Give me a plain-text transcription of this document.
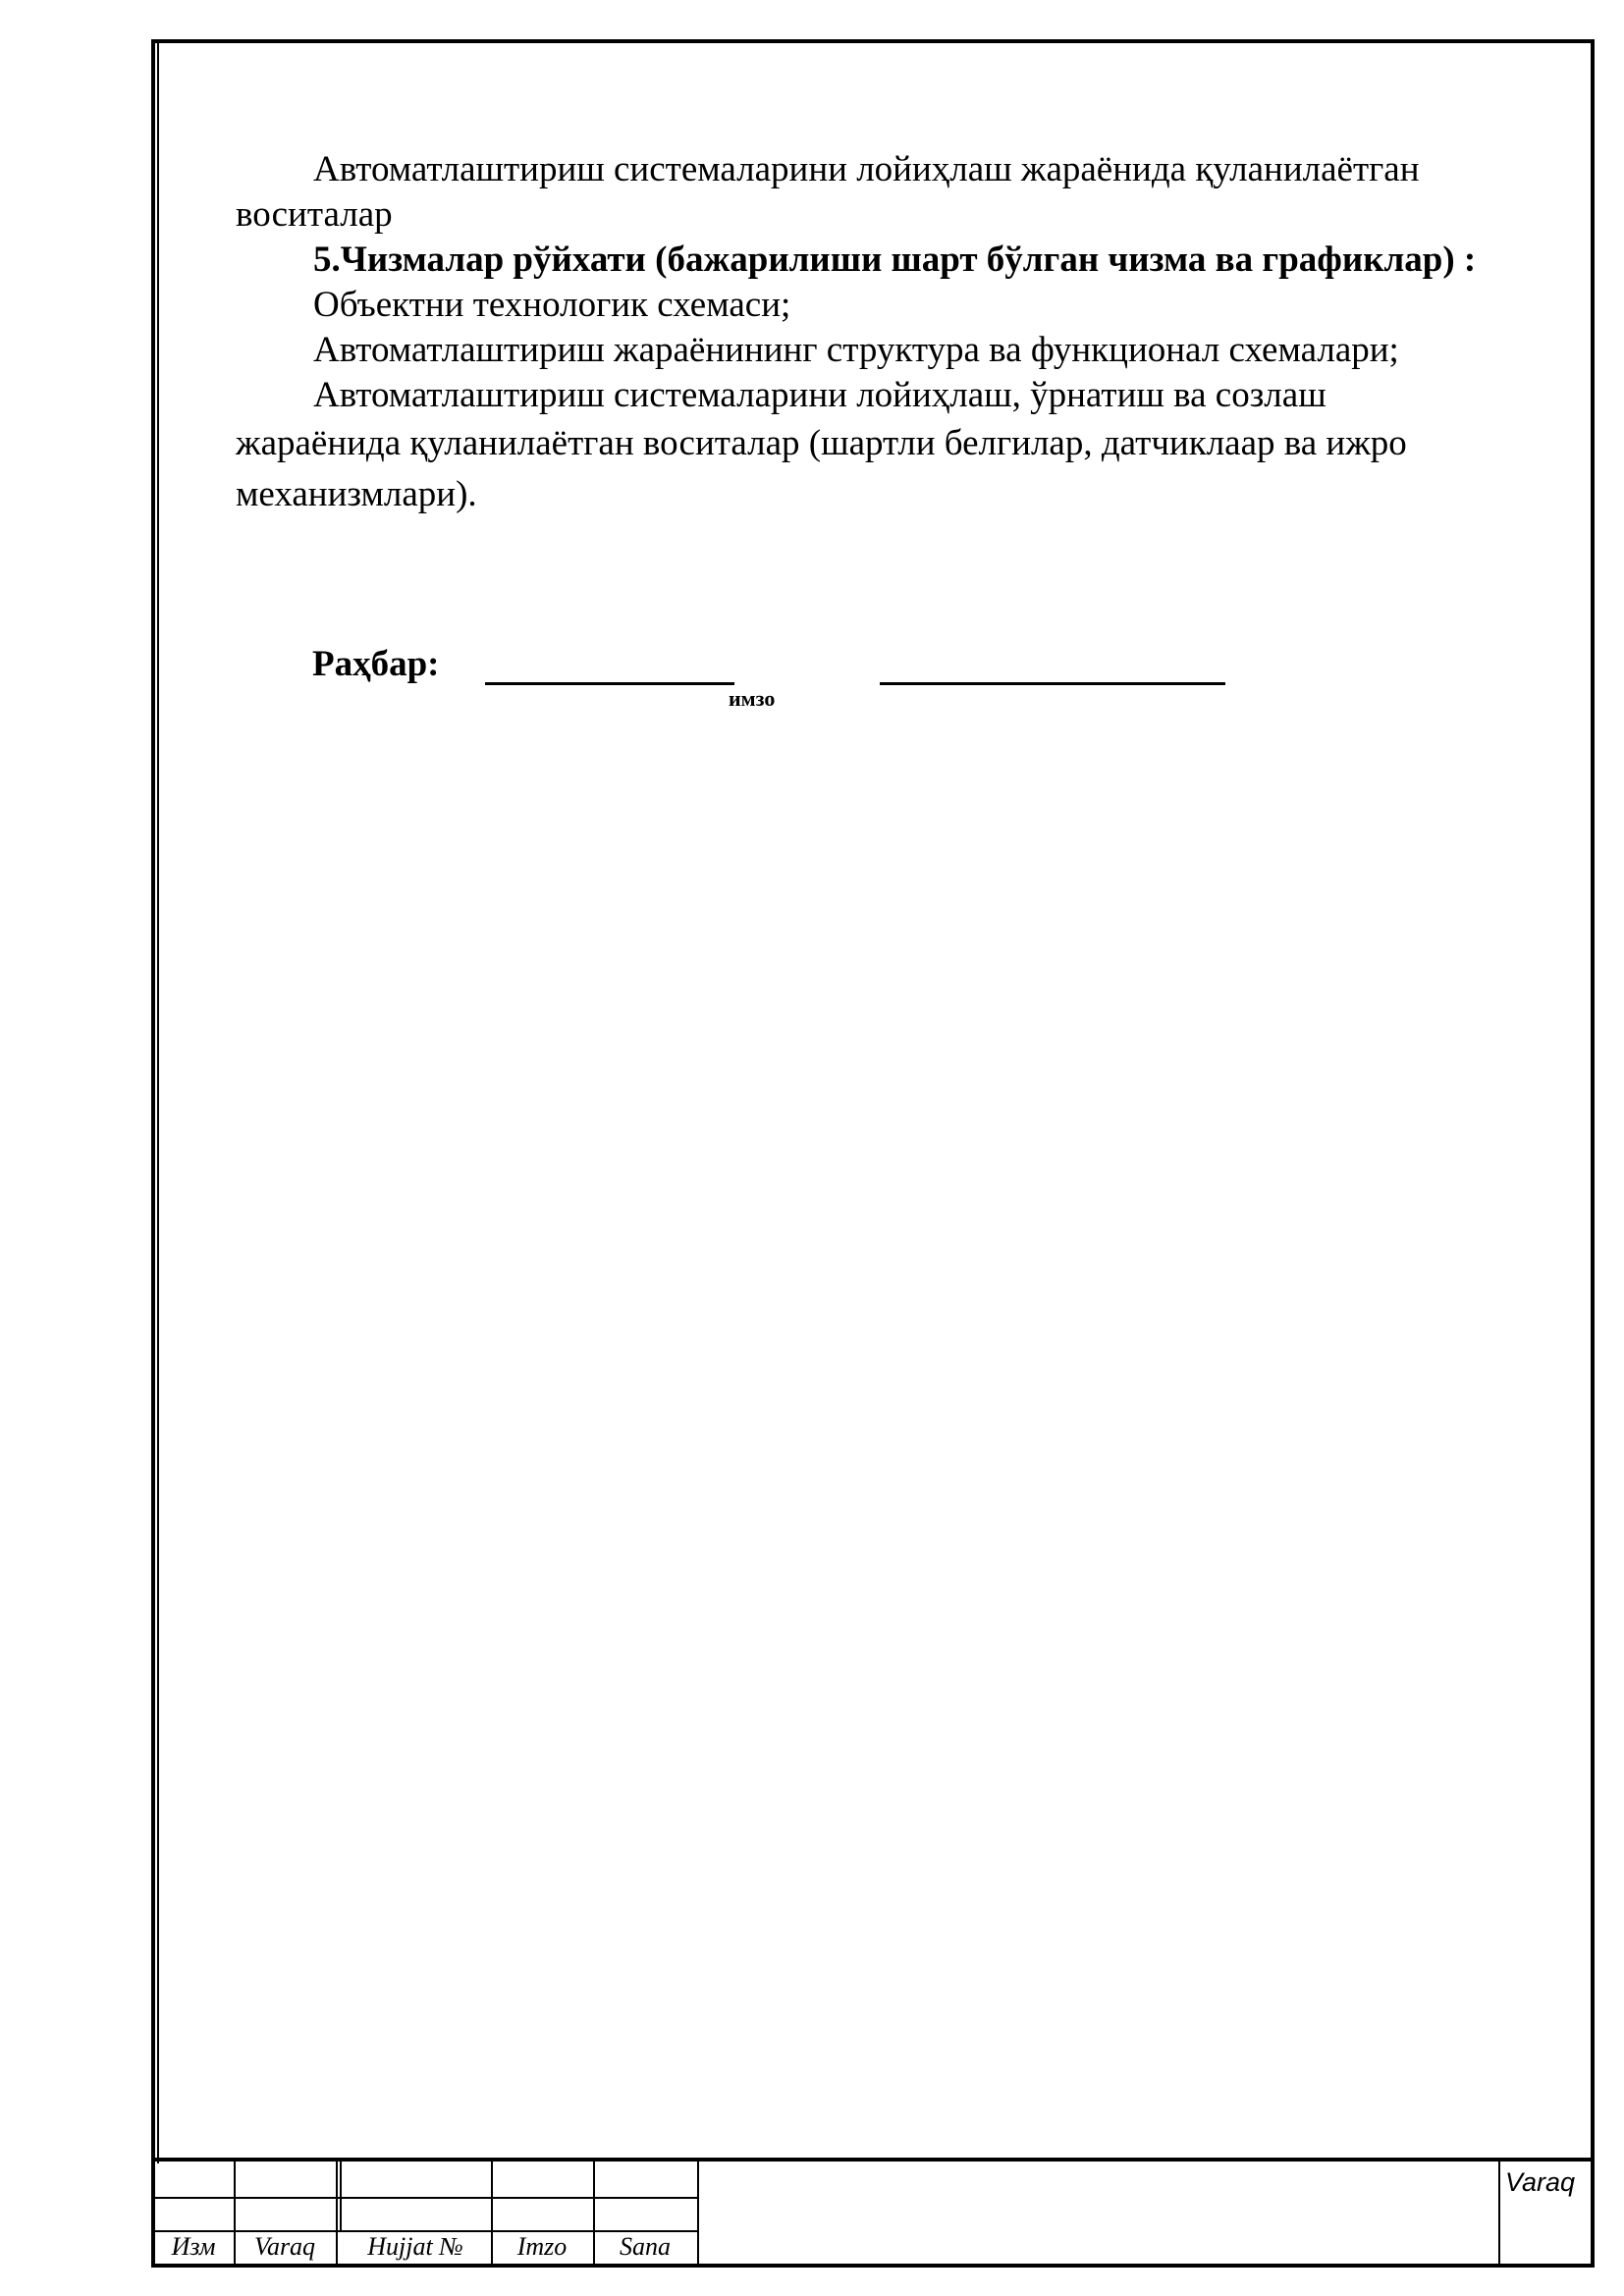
Автоматлаштириш системаларини лойиҳлаш жараёнида қуланилаётган воситалар

5.Чизмалар рўйхати (бажарилиши шарт бўлган чизма ва графиклар) :

Объектни технологик схемаси;

Автоматлаштириш жараёнининг структура ва функционал схемалари;

Автоматлаштириш системаларини лойиҳлаш, ўрнатиш ва созлаш

жараёнида қуланилаётган воситалар (шартли белгилар, датчиклаар ва ижро механизмлари).

Раҳбар:
имзо
Изм	Varaq	Hujjat №	Imzo	Sana
Varaq
